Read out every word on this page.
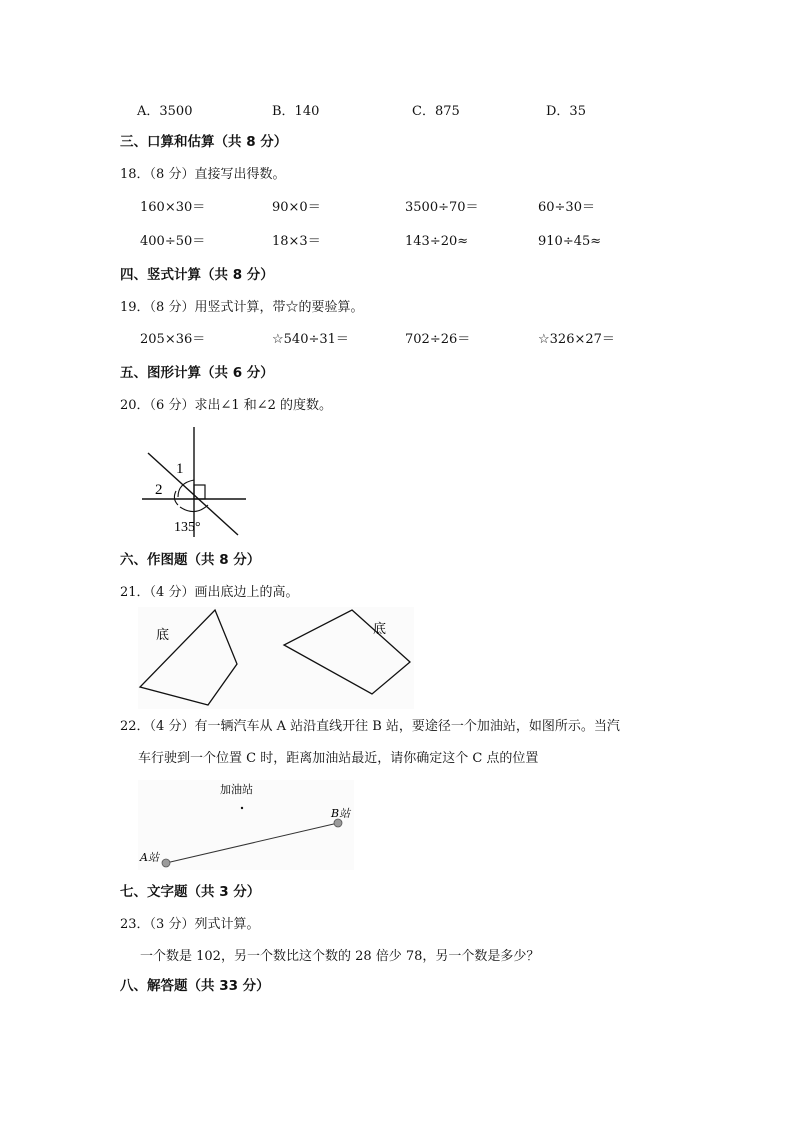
A．3500	B．140	C．875	D．35
三、口算和估算（共 8 分）
18．（8 分）直接写出得数。
160×30＝	90×0＝	3500÷70＝	60÷30＝
400÷50＝	18×3＝	143÷20≈	910÷45≈
四、竖式计算（共 8 分）
19．（8 分）用竖式计算，带☆的要验算。
205×36＝	☆540÷31＝	702÷26＝	☆326×27＝
五、图形计算（共 6 分）
20．（6 分）求出∠1 和∠2 的度数。
1
2
135°
六、作图题（共 8 分）
21．（4 分）画出底边上的高。
底	底
22．（4 分）有一辆汽车从 A 站沿直线开往 B 站，要途径一个加油站，如图所示。当汽
车行驶到一个位置 C 时，距离加油站最近，请你确定这个 C 点的位置
加油站
A站
B站
七、文字题（共 3 分）
23．（3 分）列式计算。
一个数是 102，另一个数比这个数的 28 倍少 78，另一个数是多少？
八、解答题（共 33 分）
